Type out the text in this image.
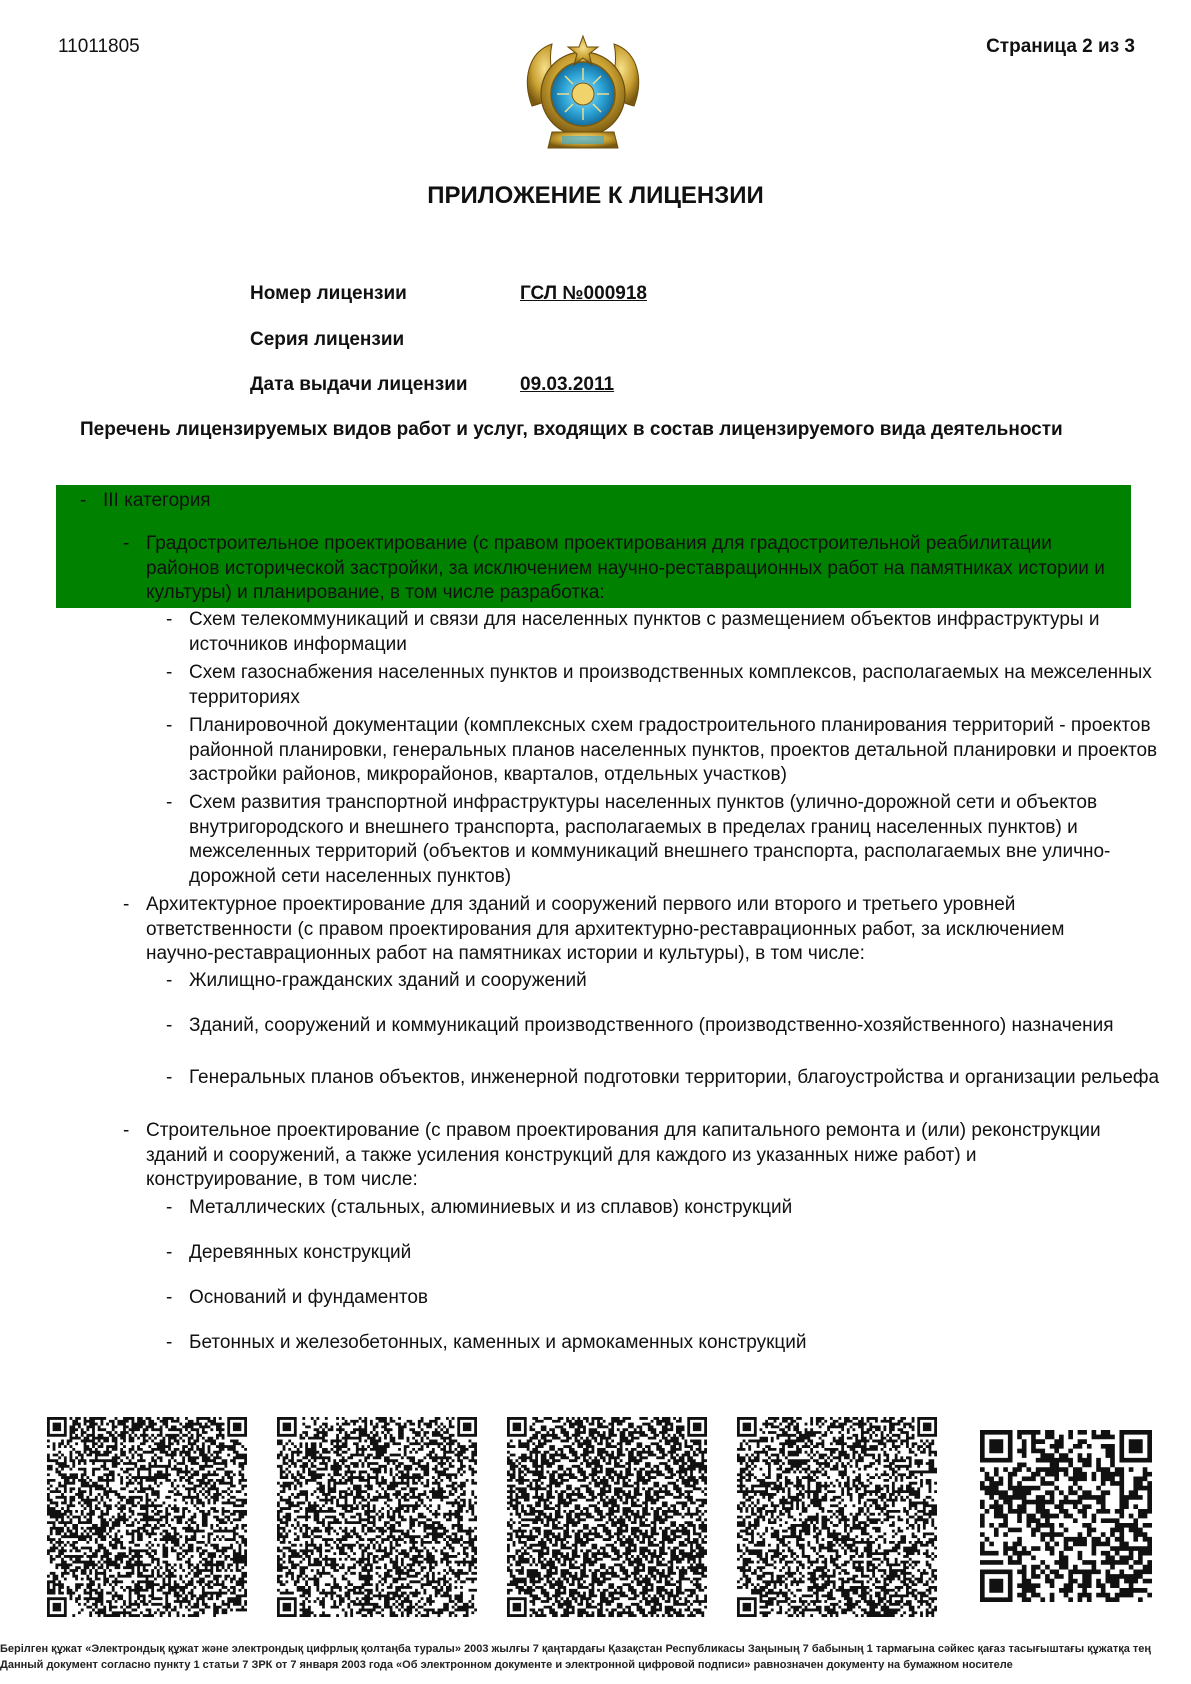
11011805	Страница 2 из 3
ПРИЛОЖЕНИЕ К ЛИЦЕНЗИИ
Номер лицензии	ГСЛ №000918
Серия лицензии
Дата выдачи лицензии	09.03.2011
Перечень лицензируемых видов работ и услуг, входящих в состав лицензируемого вида деятельности
- III категория
- Градостроительное проектирование (с правом проектирования для градостроительной реабилитации районов исторической застройки, за исключением научно-реставрационных работ на памятниках истории и культуры) и планирование, в том числе разработка:
- Схем телекоммуникаций и связи для населенных пунктов с размещением объектов инфраструктуры и источников информации
- Схем газоснабжения населенных пунктов и производственных комплексов, располагаемых на межселенных территориях
- Планировочной документации (комплексных схем градостроительного планирования территорий - проектов районной планировки, генеральных планов населенных пунктов, проектов детальной планировки и проектов застройки районов, микрорайонов, кварталов, отдельных участков)
- Схем развития транспортной инфраструктуры населенных пунктов (улично-дорожной сети и объектов внутригородского и внешнего транспорта, располагаемых в пределах границ населенных пунктов) и межселенных территорий (объектов и коммуникаций внешнего транспорта, располагаемых вне улично-дорожной сети населенных пунктов)
- Архитектурное проектирование для зданий и сооружений первого или второго и третьего уровней ответственности (с правом проектирования для архитектурно-реставрационных работ, за исключением научно-реставрационных работ на памятниках истории и культуры), в том числе:
- Жилищно-гражданских зданий и сооружений
- Зданий, сооружений и коммуникаций производственного (производственно-хозяйственного) назначения
- Генеральных планов объектов, инженерной подготовки территории, благоустройства и организации рельефа
- Строительное проектирование (с правом проектирования для капитального ремонта и (или) реконструкции зданий и сооружений, а также усиления конструкций для каждого из указанных ниже работ) и конструирование, в том числе:
- Металлических (стальных, алюминиевых и из сплавов) конструкций
- Деревянных конструкций
- Оснований и фундаментов
- Бетонных и железобетонных, каменных и армокаменных конструкций
Берілген құжат «Электрондық құжат және электрондық цифрлық қолтаңба туралы» 2003 жылғы 7 қаңтардағы Қазақстан Республикасы Заңының 7 бабының 1 тармағына сәйкес қағаз тасығыштағы құжатқа тең
Данный документ согласно пункту 1 статьи 7 ЗРК от 7 января 2003 года «Об электронном документе и электронной цифровой подписи» равнозначен документу на бумажном носителе
